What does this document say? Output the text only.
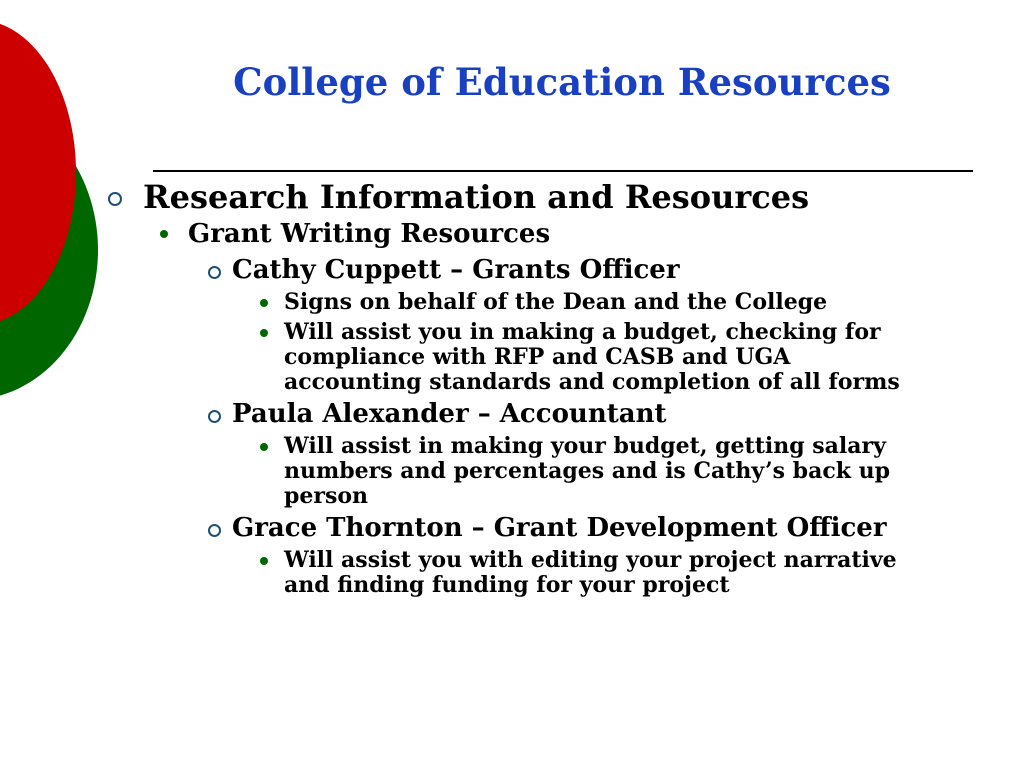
College of Education Resources
Research Information and Resources
Grant Writing Resources
Cathy Cuppett – Grants Officer
Signs on behalf of the Dean and the College
Will assist you in making a budget, checking for
compliance with RFP and CASB and UGA
accounting standards and completion of all forms
Paula Alexander – Accountant
Will assist in making your budget, getting salary
numbers and percentages and is Cathy’s back up
person
Grace Thornton – Grant Development Officer
Will assist you with editing your project narrative
and finding funding for your project
